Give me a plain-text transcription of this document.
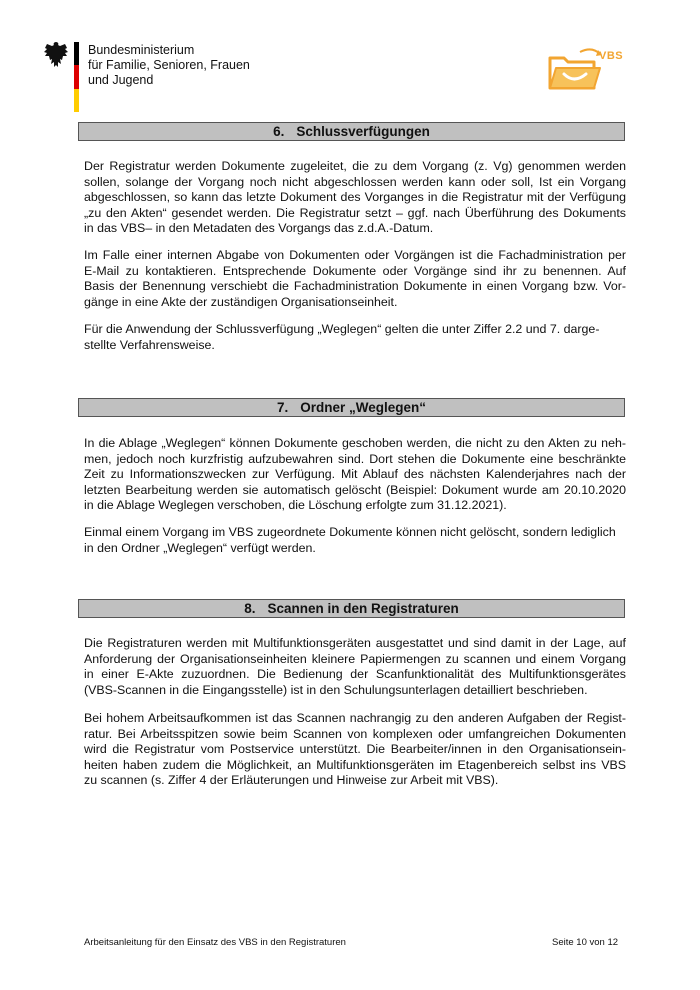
Bundesministerium
für Familie, Senioren, Frauen
und Jugend
VBS
6. Schlussverfügungen
Der Registratur werden Dokumente zugeleitet, die zu dem Vorgang (z. Vg) genommen werden
sollen, solange der Vorgang noch nicht abgeschlossen werden kann oder soll, Ist ein Vorgang
abgeschlossen, so kann das letzte Dokument des Vorganges in die Registratur mit der Verfügung
„zu den Akten“ gesendet werden. Die Registratur setzt – ggf. nach Überführung des Dokuments
in das VBS– in den Metadaten des Vorgangs das z.d.A.-Datum.
Im Falle einer internen Abgabe von Dokumenten oder Vorgängen ist die Fachadministration per
E-Mail zu kontaktieren. Entsprechende Dokumente oder Vorgänge sind ihr zu benennen. Auf
Basis der Benennung verschiebt die Fachadministration Dokumente in einen Vorgang bzw. Vor-
gänge in eine Akte der zuständigen Organisationseinheit.
Für die Anwendung der Schlussverfügung „Weglegen“ gelten die unter Ziffer 2.2 und 7. darge-
stellte Verfahrensweise.
7. Ordner „Weglegen“
In die Ablage „Weglegen“ können Dokumente geschoben werden, die nicht zu den Akten zu neh-
men, jedoch noch kurzfristig aufzubewahren sind. Dort stehen die Dokumente eine beschränkte
Zeit zu Informationszwecken zur Verfügung. Mit Ablauf des nächsten Kalenderjahres nach der
letzten Bearbeitung werden sie automatisch gelöscht (Beispiel: Dokument wurde am 20.10.2020
in die Ablage Weglegen verschoben, die Löschung erfolgte zum 31.12.2021).
Einmal einem Vorgang im VBS zugeordnete Dokumente können nicht gelöscht, sondern lediglich
in den Ordner „Weglegen“ verfügt werden.
8. Scannen in den Registraturen
Die Registraturen werden mit Multifunktionsgeräten ausgestattet und sind damit in der Lage, auf
Anforderung der Organisationseinheiten kleinere Papiermengen zu scannen und einem Vorgang
in einer E-Akte zuzuordnen. Die Bedienung der Scanfunktionalität des Multifunktionsgerätes
(VBS-Scannen in die Eingangsstelle) ist in den Schulungsunterlagen detailliert beschrieben.
Bei hohem Arbeitsaufkommen ist das Scannen nachrangig zu den anderen Aufgaben der Regist-
ratur. Bei Arbeitsspitzen sowie beim Scannen von komplexen oder umfangreichen Dokumenten
wird die Registratur vom Postservice unterstützt. Die Bearbeiter/innen in den Organisationsein-
heiten haben zudem die Möglichkeit, an Multifunktionsgeräten im Etagenbereich selbst ins VBS
zu scannen (s. Ziffer 4 der Erläuterungen und Hinweise zur Arbeit mit VBS).
Arbeitsanleitung für den Einsatz des VBS in den Registraturen	Seite 10 von 12
